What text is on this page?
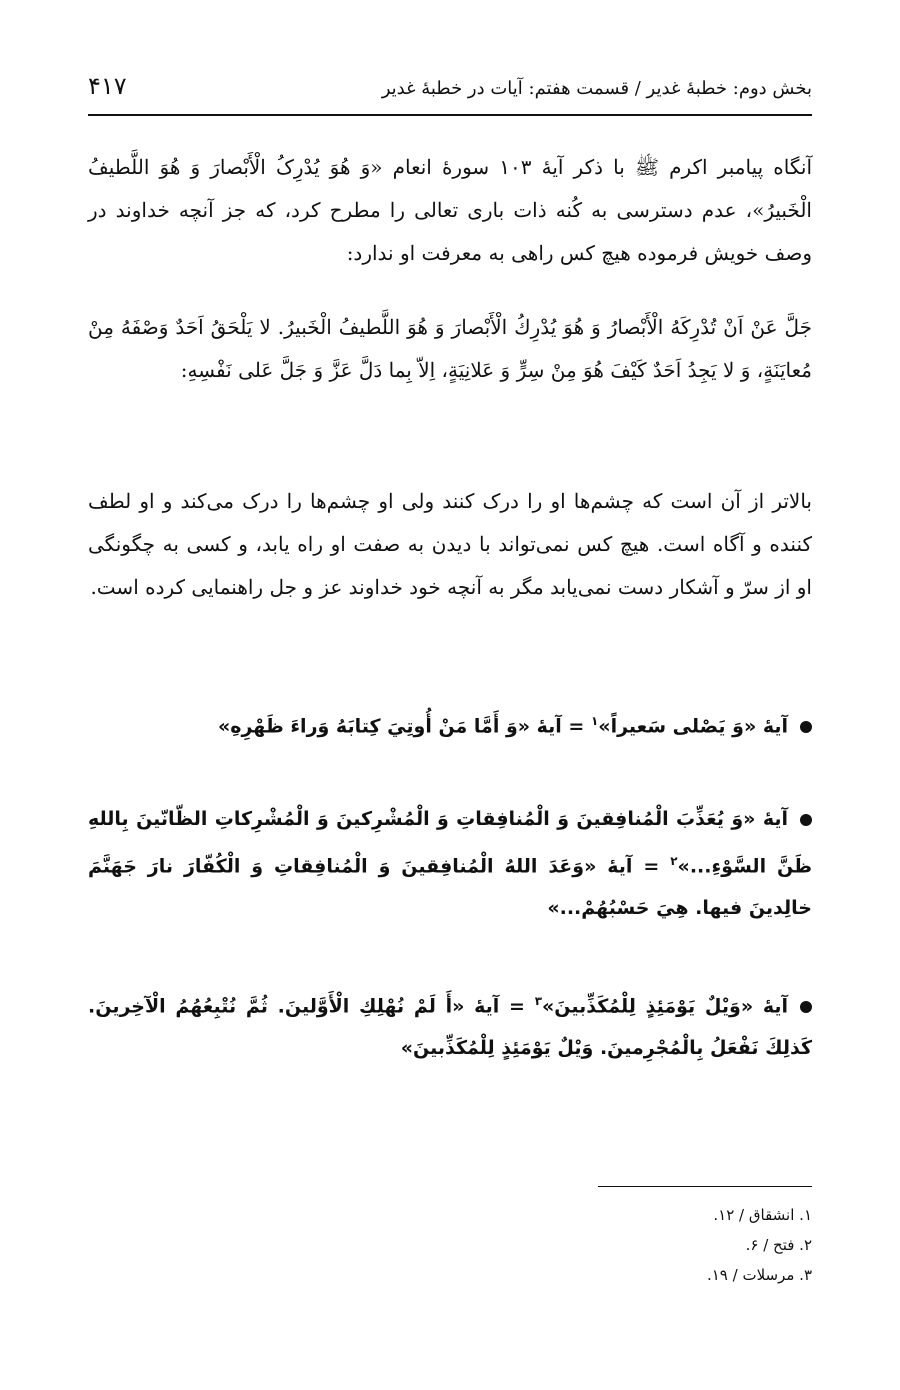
بخش دوم: خطبهٔ غدیر / قسمت هفتم: آیات در خطبهٔ غدیر
۴۱۷

آنگاه پیامبر اکرم ﷺ با ذکر آیهٔ ۱۰۳ سورهٔ انعام «وَ هُوَ يُدْرِکُ الْأَبْصارَ وَ هُوَ اللَّطيفُ الْخَبيرُ»، عدم دسترسی به کُنه ذات باری تعالی را مطرح کرد، که جز آنچه خداوند در وصف خویش فرموده هیچ کس راهی به معرفت او ندارد:

جَلَّ عَنْ اَنْ تُدْرِكَهُ الْأَبْصارُ وَ هُوَ يُدْرِكُ الْأَبْصارَ وَ هُوَ اللَّطيفُ الْخَبيرُ. لا يَلْحَقُ اَحَدٌ وَصْفَهُ مِنْ مُعايَنَةٍ، وَ لا يَجِدُ اَحَدٌ كَيْفَ هُوَ مِنْ سِرٍّ وَ عَلانِيَةٍ، اِلاّ بِما دَلَّ عَزَّ وَ جَلَّ عَلى نَفْسِهِ:

بالاتر از آن است که چشم‌ها او را درک کنند ولی او چشم‌ها را درک می‌کند و او لطف کننده و آگاه است. هیچ کس نمی‌تواند با دیدن به صفت او راه یابد، و کسی به چگونگی او از سرّ و آشکار دست نمی‌یابد مگر به آنچه خود خداوند عز و جل راهنمایی کرده است.

آیهٔ «وَ يَصْلى سَعيراً»$^۱$ = آیهٔ «وَ أَمَّا مَنْ أُوتِيَ كِتابَهُ وَراءَ ظَهْرِهِ»

آیهٔ «وَ يُعَذِّبَ الْمُنافِقينَ وَ الْمُنافِقاتِ وَ الْمُشْرِكينَ وَ الْمُشْرِكاتِ الظّانّينَ بِاللهِ ظَنَّ السَّوْءِ...»$^۲$ = آیهٔ «وَعَدَ اللهُ الْمُنافِقينَ وَ الْمُنافِقاتِ وَ الْكُفّارَ نارَ جَهَنَّمَ خالِدينَ فيها. هِيَ حَسْبُهُمْ...»

آیهٔ «وَيْلٌ يَوْمَئِذٍ لِلْمُكَذِّبينَ»$^۳$ = آیهٔ «أَ لَمْ نُهْلِكِ الْأَوَّلينَ. ثُمَّ نُتْبِعُهُمُ الْآخِرينَ. كَذلِكَ نَفْعَلُ بِالْمُجْرِمينَ. وَيْلٌ يَوْمَئِذٍ لِلْمُكَذِّبينَ»

۱. انشقاق / ۱۲.
۲. فتح / ۶.
۳. مرسلات / ۱۹.
